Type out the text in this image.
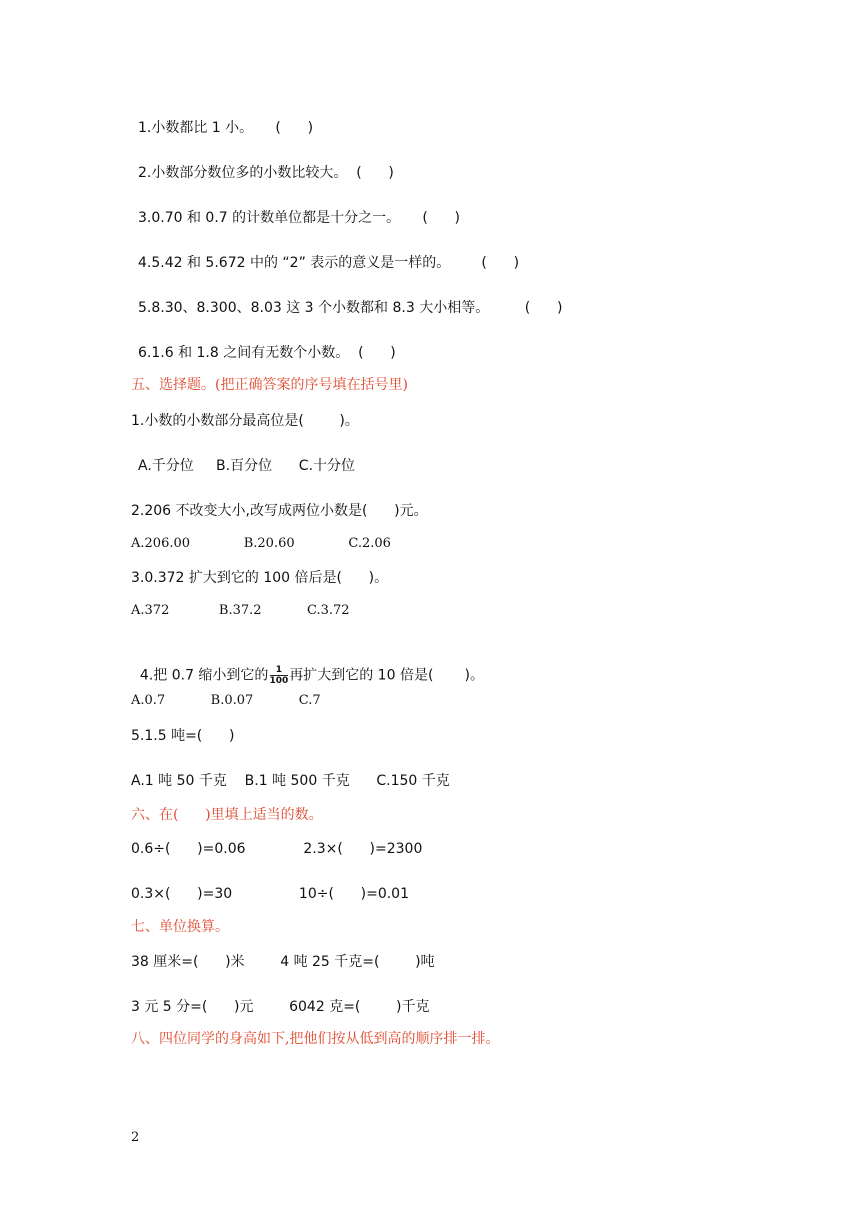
1.小数都比 1 小。     (      )
2.小数部分数位多的小数比较大。  (      )
3.0.70 和 0.7 的计数单位都是十分之一。     (      )
4.5.42 和 5.672 中的 “2” 表示的意义是一样的。       (      )
5.8.30、8.300、8.03 这 3 个小数都和 8.3 大小相等。        (      )
6.1.6 和 1.8 之间有无数个小数。  (      )
五、选择题。(把正确答案的序号填在括号里)
1.小数的小数部分最高位是(        )。
A.千分位     B.百分位      C.十分位
2.206 不改变大小,改写成两位小数是(      )元。
A.206.00             B.20.60             C.2.06
3.0.372 扩大到它的 100 倍后是(      )。
A.372            B.37.2           C.3.72

4.把 0.7 缩小到它的 $\frac{1}{100}$ 再扩大到它的 10 倍是(       )。

A.0.7           B.0.07           C.7
5.1.5 吨=(      )
A.1 吨 50 千克    B.1 吨 500 千克      C.150 千克
六、在(      )里填上适当的数。
0.6÷(      )=0.06             2.3×(      )=2300
0.3×(      )=30               10÷(      )=0.01
七、单位换算。
38 厘米=(      )米        4 吨 25 千克=(        )吨
3 元 5 分=(      )元        6042 克=(        )千克
八、四位同学的身高如下,把他们按从低到高的顺序排一排。
2
